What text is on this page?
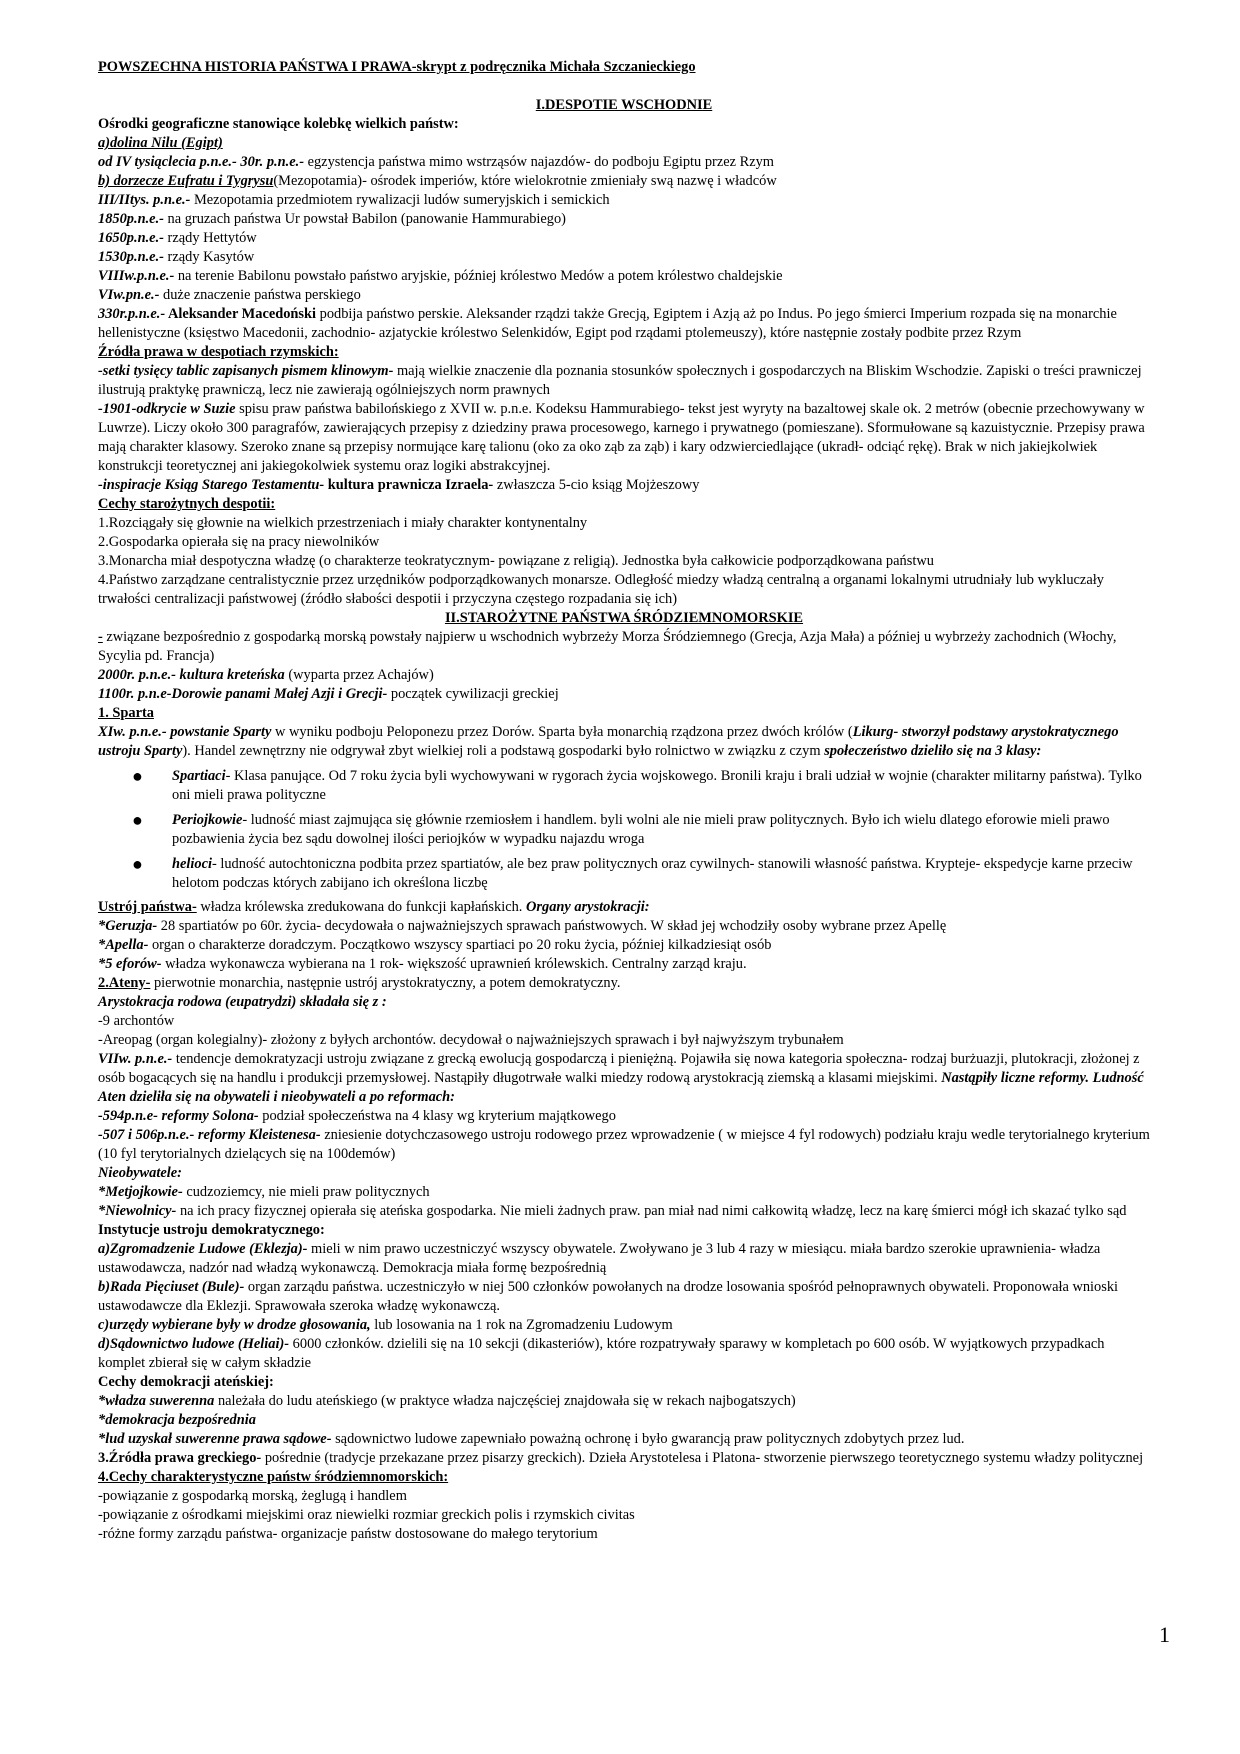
POWSZECHNA HISTORIA PAŃSTWA I PRAWA-skrypt z podręcznika Michała Szczanieckiego

I.DESPOTIE WSCHODNIE

Ośrodki geograficzne stanowiące kolebkę wielkich państw:

a)dolina Nilu (Egipt)

od IV tysiąclecia p.n.e.- 30r. p.n.e.- egzystencja państwa mimo wstrząsów najazdów- do podboju Egiptu przez Rzym

b) dorzecze Eufratu i Tygrysu(Mezopotamia)- ośrodek imperiów, które wielokrotnie zmieniały swą nazwę i władców

III/IItys. p.n.e.- Mezopotamia przedmiotem rywalizacji ludów sumeryjskich i semickich

1850p.n.e.- na gruzach państwa Ur powstał Babilon (panowanie Hammurabiego)

1650p.n.e.- rządy Hettytów

1530p.n.e.- rządy Kasytów

VIIIw.p.n.e.- na terenie Babilonu powstało państwo aryjskie, później królestwo Medów a potem królestwo chaldejskie

VIw.pn.e.- duże znaczenie państwa perskiego

330r.p.n.e.- Aleksander Macedoński podbija państwo perskie. Aleksander rządzi także Grecją, Egiptem i Azją aż po Indus. Po jego śmierci Imperium rozpada się na monarchie hellenistyczne (księstwo Macedonii, zachodnio- azjatyckie królestwo Selenkidów, Egipt pod rządami ptolemeuszy), które następnie zostały podbite przez Rzym

Źródła prawa w despotiach rzymskich:

-setki tysięcy tablic zapisanych pismem klinowym- mają wielkie znaczenie dla poznania stosunków społecznych i gospodarczych na Bliskim Wschodzie. Zapiski o treści prawniczej ilustrują praktykę prawniczą, lecz nie zawierają ogólniejszych norm prawnych

-1901-odkrycie w Suzie spisu praw państwa babilońskiego z XVII w. p.n.e. Kodeksu Hammurabiego- tekst jest wyryty na bazaltowej skale ok. 2 metrów (obecnie przechowywany w Luwrze). Liczy około 300 paragrafów, zawierających przepisy z dziedziny prawa procesowego, karnego i prywatnego (pomieszane). Sformułowane są kazuistycznie. Przepisy prawa mają charakter klasowy. Szeroko znane są przepisy normujące karę talionu (oko za oko ząb za ząb) i kary odzwierciedlające (ukradł- odciąć rękę). Brak w nich jakiejkolwiek konstrukcji teoretycznej ani jakiegokolwiek systemu oraz logiki abstrakcyjnej.

-inspiracje Ksiąg Starego Testamentu- kultura prawnicza Izraela- zwłaszcza 5-cio ksiąg Mojżeszowy

Cechy starożytnych despotii:

1.Rozciągały się głownie na wielkich przestrzeniach i miały charakter kontynentalny

2.Gospodarka opierała się na pracy niewolników

3.Monarcha miał despotyczna władzę (o charakterze teokratycznym- powiązane z religią). Jednostka była całkowicie podporządkowana państwu

4.Państwo zarządzane centralistycznie przez urzędników podporządkowanych monarsze. Odległość miedzy władzą centralną a organami lokalnymi utrudniały lub wykluczały trwałości centralizacji państwowej (źródło słabości despotii i przyczyna częstego rozpadania się ich)

II.STAROŻYTNE PAŃSTWA ŚRÓDZIEMNOMORSKIE

- związane bezpośrednio z gospodarką morską powstały najpierw u wschodnich wybrzeży Morza Śródziemnego (Grecja, Azja Mała) a później u wybrzeży zachodnich (Włochy, Sycylia pd. Francja)

2000r. p.n.e.- kultura kreteńska (wyparta przez Achajów)

1100r. p.n.e-Dorowie panami Małej Azji i Grecji- początek cywilizacji greckiej

1. Sparta

XIw. p.n.e.- powstanie Sparty w wyniku podboju Peloponezu przez Dorów. Sparta była monarchią rządzona przez dwóch królów (Likurg- stworzył podstawy arystokratycznego ustroju Sparty). Handel zewnętrzny nie odgrywał zbyt wielkiej roli a podstawą gospodarki było rolnictwo w związku z czym społeczeństwo dzieliło się na 3 klasy:

●	Spartiaci- Klasa panujące. Od 7 roku życia byli wychowywani w rygorach życia wojskowego. Bronili kraju i brali udział w wojnie (charakter militarny państwa). Tylko oni mieli prawa polityczne
●	Periojkowie- ludność miast zajmująca się głównie rzemiosłem i handlem. byli wolni ale nie mieli praw politycznych. Było ich wielu dlatego eforowie mieli prawo pozbawienia życia bez sądu dowolnej ilości periojków w wypadku najazdu wroga
●	helioci- ludność autochtoniczna podbita przez spartiatów, ale bez praw politycznych oraz cywilnych- stanowili własność państwa. Krypteje- ekspedycje karne przeciw helotom podczas których zabijano ich określona liczbę

Ustrój państwa- władza królewska zredukowana do funkcji kapłańskich. Organy arystokracji:

*Geruzja- 28 spartiatów po 60r. życia- decydowała o najważniejszych sprawach państwowych. W skład jej wchodziły osoby wybrane przez Apellę

*Apella- organ o charakterze doradczym. Początkowo wszyscy spartiaci po 20 roku życia, później kilkadziesiąt osób

*5 eforów- władza wykonawcza wybierana na 1 rok- większość uprawnień królewskich. Centralny zarząd kraju.

2.Ateny- pierwotnie monarchia, następnie ustrój arystokratyczny, a potem demokratyczny.

Arystokracja rodowa (eupatrydzi) składała się z :

-9 archontów

-Areopag (organ kolegialny)- złożony z byłych archontów. decydował o najważniejszych sprawach i był najwyższym trybunałem

VIIw. p.n.e.- tendencje demokratyzacji ustroju związane z grecką ewolucją gospodarczą i pieniężną. Pojawiła się nowa kategoria społeczna- rodzaj burżuazji, plutokracji, złożonej z osób bogacących się na handlu i produkcji przemysłowej. Nastąpiły długotrwałe walki miedzy rodową arystokracją ziemską a klasami miejskimi. Nastąpiły liczne reformy. Ludność Aten dzieliła się na obywateli i nieobywateli a po reformach:

-594p.n.e- reformy Solona- podział społeczeństwa na 4 klasy wg kryterium majątkowego

-507 i 506p.n.e.- reformy Kleistenesa- zniesienie dotychczasowego ustroju rodowego przez wprowadzenie ( w miejsce 4 fyl rodowych) podziału kraju wedle terytorialnego kryterium (10 fyl terytorialnych dzielących się na 100demów)

Nieobywatele:

*Metjojkowie- cudzoziemcy, nie mieli praw politycznych

*Niewolnicy- na ich pracy fizycznej opierała się ateńska gospodarka. Nie mieli żadnych praw. pan miał nad nimi całkowitą władzę, lecz na karę śmierci mógł ich skazać tylko sąd

Instytucje ustroju demokratycznego:

a)Zgromadzenie Ludowe (Eklezja)- mieli w nim prawo uczestniczyć wszyscy obywatele. Zwoływano je 3 lub 4 razy w miesiącu. miała bardzo szerokie uprawnienia- władza ustawodawcza, nadzór nad władzą wykonawczą. Demokracja miała formę bezpośrednią

b)Rada Pięciuset (Bule)- organ zarządu państwa. uczestniczyło w niej 500 członków powołanych na drodze losowania spośród pełnoprawnych obywateli. Proponowała wnioski ustawodawcze dla Eklezji. Sprawowała szeroka władzę wykonawczą.

c)urzędy wybierane były w drodze głosowania, lub losowania na 1 rok na Zgromadzeniu Ludowym

d)Sądownictwo ludowe (Heliai)- 6000 członków. dzielili się na 10 sekcji (dikasteriów), które rozpatrywały sparawy w kompletach po 600 osób. W wyjątkowych przypadkach komplet zbierał się w całym składzie

Cechy demokracji ateńskiej:

*władza suwerenna należała do ludu ateńskiego (w praktyce władza najczęściej znajdowała się w rekach najbogatszych)

*demokracja bezpośrednia

*lud uzyskał suwerenne prawa sądowe- sądownictwo ludowe zapewniało poważną ochronę i było gwarancją praw politycznych zdobytych przez lud.

3.Źródła prawa greckiego- pośrednie (tradycje przekazane przez pisarzy greckich). Dzieła Arystotelesa i Platona- stworzenie pierwszego teoretycznego systemu władzy politycznej

4.Cechy charakterystyczne państw śródziemnomorskich:

-powiązanie z gospodarką morską, żeglugą i handlem

-powiązanie z ośrodkami miejskimi oraz niewielki rozmiar greckich polis i rzymskich civitas

-różne formy zarządu państwa- organizacje państw dostosowane do małego terytorium

1
